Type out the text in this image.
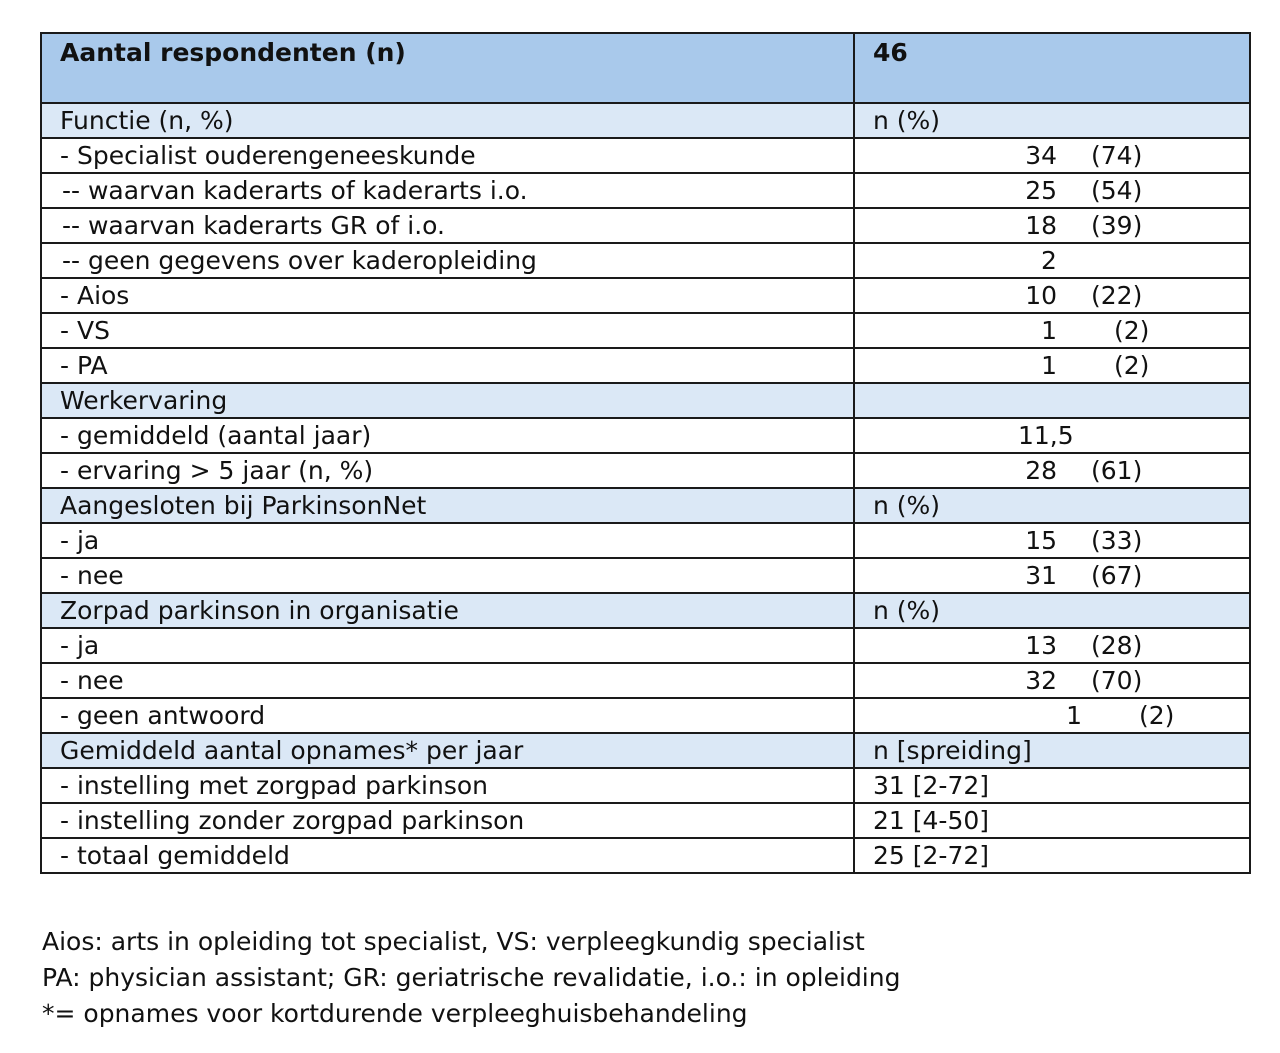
Aantal respondenten (n)	46
Functie (n, %)	n (%)
- Specialist ouderengeneeskunde	34 (74)

-- waarvan kaderarts of kaderarts i.o.	25 (54)

-- waarvan kaderarts GR of i.o.	18 (39)

-- geen gegevens over kaderopleiding	2

- Aios	10 (22)

- VS	1 (2)

- PA	1 (2)

Werkervaring	
- gemiddeld (aantal jaar)	11,5

- ervaring > 5 jaar (n, %)	28 (61)

Aangesloten bij ParkinsonNet	n (%)
- ja	15 (33)

- nee	31 (67)

Zorpad parkinson in organisatie	n (%)
- ja	13 (28)

- nee	32 (70)

- geen antwoord	1 (2)

Gemiddeld aantal opnames* per jaar	n [spreiding]
- instelling met zorgpad parkinson	31 [2-72]
- instelling zonder zorgpad parkinson	21 [4-50]
- totaal gemiddeld	25 [2-72]
Aios: arts in opleiding tot specialist, VS: verpleegkundig specialist
PA: physician assistant; GR: geriatrische revalidatie, i.o.: in opleiding
*= opnames voor kortdurende verpleeghuisbehandeling
